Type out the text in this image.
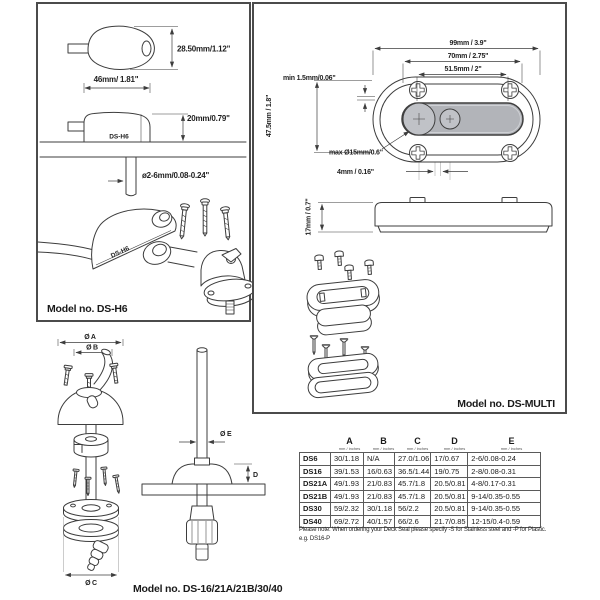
28.50mm/1.12"
46mm/ 1.81"
DS-H6
20mm/0.79"
ø2-6mm/0.08-0.24"
DS-H6
Model no. DS-H6
99mm / 3.9"
70mm / 2.75"
51.5mm / 2"
47.5mm / 1.8"
min 1.5mm/0.06"
max Ø15mm/0.6"
4mm / 0.16"
17mm / 0.7"
Model no. DS-MULTI
Ø A
Ø B
Ø C
Ø E
D
Model no. DS-16/21A/21B/30/40
A
mm / inches
B
mm / inches
C
mm / inches
D
mm / inches
E
mm / inches
DS6	30/1.18	N/A	27.0/1.06	17/0.67	2-6/0.08-0.24
DS16	39/1.53	16/0.63	36.5/1.44	19/0.75	2-8/0.08-0.31
DS21A	49/1.93	21/0.83	45.7/1.8	20.5/0.81	4-8/0.17-0.31
DS21B	49/1.93	21/0.83	45.7/1.8	20.5/0.81	9-14/0.35-0.55
DS30	59/2.32	30/1.18	56/2.2	20.5/0.81	9-14/0.35-0.55
DS40	69/2.72	40/1.57	66/2.6	21.7/0.85	12-15/0.4-0.59
Please note: When ordering your Deck Seal please specify -S for Stainless steel and -P for Plastic.
e.g. DS16-P
